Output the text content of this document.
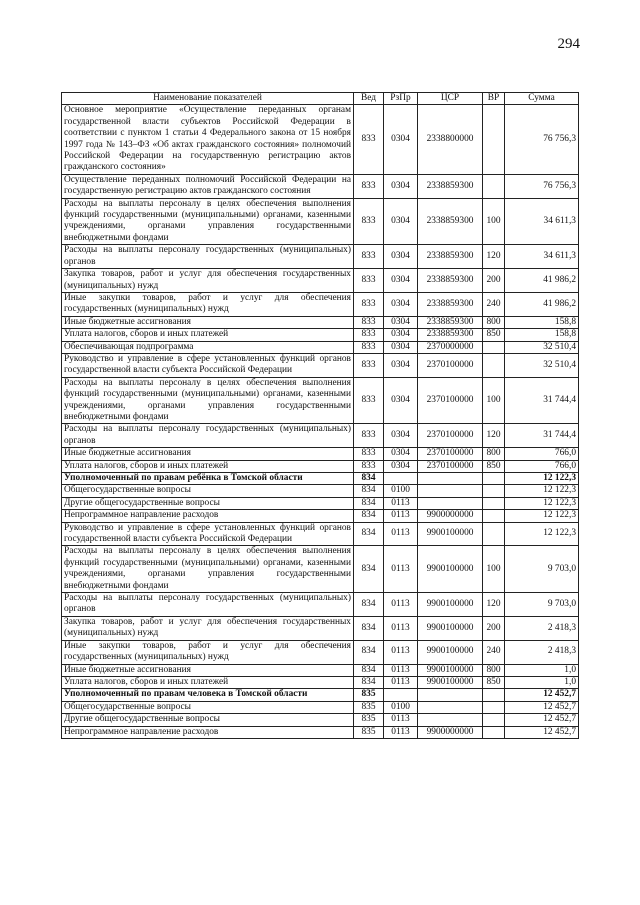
294
Наименование показателей	Вед	РзПр	ЦСР	ВР	Сумма
Основное мероприятие «Осуществление переданных органам государственной власти субъектов Российской Федерации в соответствии с пунктом 1 статьи 4 Федерального закона от 15 ноября 1997 года № 143–ФЗ «Об актах гражданского состояния» полномочий Российской Федерации на государственную регистрацию актов гражданского состояния»	833	0304	2338800000		76 756,3
Осуществление переданных полномочий Российской Федерации на государственную регистрацию актов гражданского состояния	833	0304	2338859300		76 756,3
Расходы на выплаты персоналу в целях обеспечения выполнения функций государственными (муниципальными) органами, казенными учреждениями, органами управления государственными внебюджетными фондами	833	0304	2338859300	100	34 611,3
Расходы на выплаты персоналу государственных (муниципальных) органов	833	0304	2338859300	120	34 611,3
Закупка товаров, работ и услуг для обеспечения государственных (муниципальных) нужд	833	0304	2338859300	200	41 986,2
Иные закупки товаров, работ и услуг для обеспечения государственных (муниципальных) нужд	833	0304	2338859300	240	41 986,2
Иные бюджетные ассигнования	833	0304	2338859300	800	158,8
Уплата налогов, сборов и иных платежей	833	0304	2338859300	850	158,8
Обеспечивающая подпрограмма	833	0304	2370000000		32 510,4
Руководство и управление в сфере установленных функций органов государственной власти субъекта Российской Федерации	833	0304	2370100000		32 510,4
Расходы на выплаты персоналу в целях обеспечения выполнения функций государственными (муниципальными) органами, казенными учреждениями, органами управления государственными внебюджетными фондами	833	0304	2370100000	100	31 744,4
Расходы на выплаты персоналу государственных (муниципальных) органов	833	0304	2370100000	120	31 744,4
Иные бюджетные ассигнования	833	0304	2370100000	800	766,0
Уплата налогов, сборов и иных платежей	833	0304	2370100000	850	766,0
Уполномоченный по правам ребёнка в Томской области	834				12 122,3
Общегосударственные вопросы	834	0100			12 122,3
Другие общегосударственные вопросы	834	0113			12 122,3
Непрограммное направление расходов	834	0113	9900000000		12 122,3
Руководство и управление в сфере установленных функций органов государственной власти субъекта Российской Федерации	834	0113	9900100000		12 122,3
Расходы на выплаты персоналу в целях обеспечения выполнения функций государственными (муниципальными) органами, казенными учреждениями, органами управления государственными внебюджетными фондами	834	0113	9900100000	100	9 703,0
Расходы на выплаты персоналу государственных (муниципальных) органов	834	0113	9900100000	120	9 703,0
Закупка товаров, работ и услуг для обеспечения государственных (муниципальных) нужд	834	0113	9900100000	200	2 418,3
Иные закупки товаров, работ и услуг для обеспечения государственных (муниципальных) нужд	834	0113	9900100000	240	2 418,3
Иные бюджетные ассигнования	834	0113	9900100000	800	1,0
Уплата налогов, сборов и иных платежей	834	0113	9900100000	850	1,0
Уполномоченный по правам человека в Томской области	835				12 452,7
Общегосударственные вопросы	835	0100			12 452,7
Другие общегосударственные вопросы	835	0113			12 452,7
Непрограммное направление расходов	835	0113	9900000000		12 452,7
